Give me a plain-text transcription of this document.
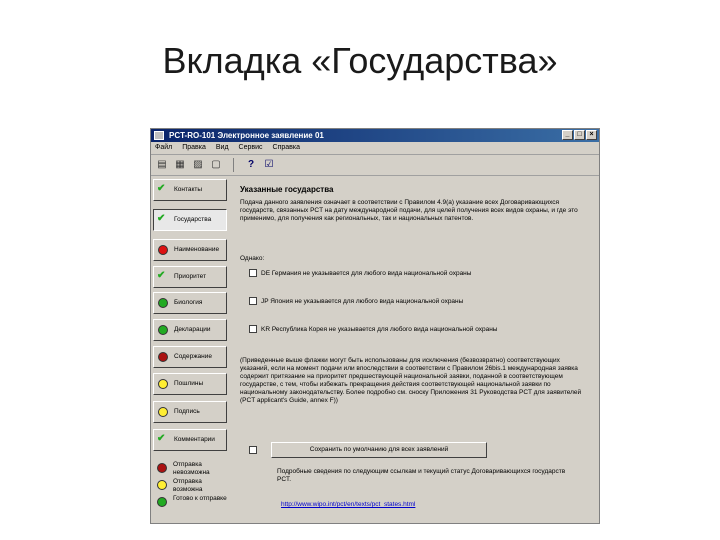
Вкладка «Государства»
PCT-RO-101 Электронное заявление 01	_	□	×
Файл Правка Вид Сервис Справка
▤ ▦ ▨ ▢	?	☑
✔ Контакты
✔ Государства
Наименование
✔ Приоритет
Биология
Декларации
Содержание
Пошлины
Подпись
✔ Комментарии
Отправка невозможна
Отправка возможна
Готово к отправке
Указанные государства
Подача данного заявления означает в соответствии с Правилом 4.9(а) указание всех Договаривающихся государств, связанных PCT на дату международной подачи, для целей получения всех видов охраны, и где это применимо, для получения как региональных, так и национальных патентов.
Однако:
DE Германия не указывается для любого вида национальной охраны
JP Япония не указывается для любого вида национальной охраны
KR Республика Корея не указывается для любого вида национальной охраны
(Приведенные выше флажки могут быть использованы для исключения (безвозвратно) соответствующих указаний, если на момент подачи или впоследствии в соответствии с Правилом 26bis.1 международная заявка содержит притязание на приоритет предшествующей национальной заявки, поданной в соответствующем государстве, с тем, чтобы избежать прекращения действия соответствующей национальной заявки по национальному законодательству. Более подробно см. сноску Приложения 31 Руководства PCT для заявителей (PCT applicant's Guide, annex F))
Сохранить по умолчанию для всех заявлений
Подробные сведения по следующим ссылкам и текущий статус Договаривающихся государств PCT.
http://www.wipo.int/pct/en/texts/pct_states.html
